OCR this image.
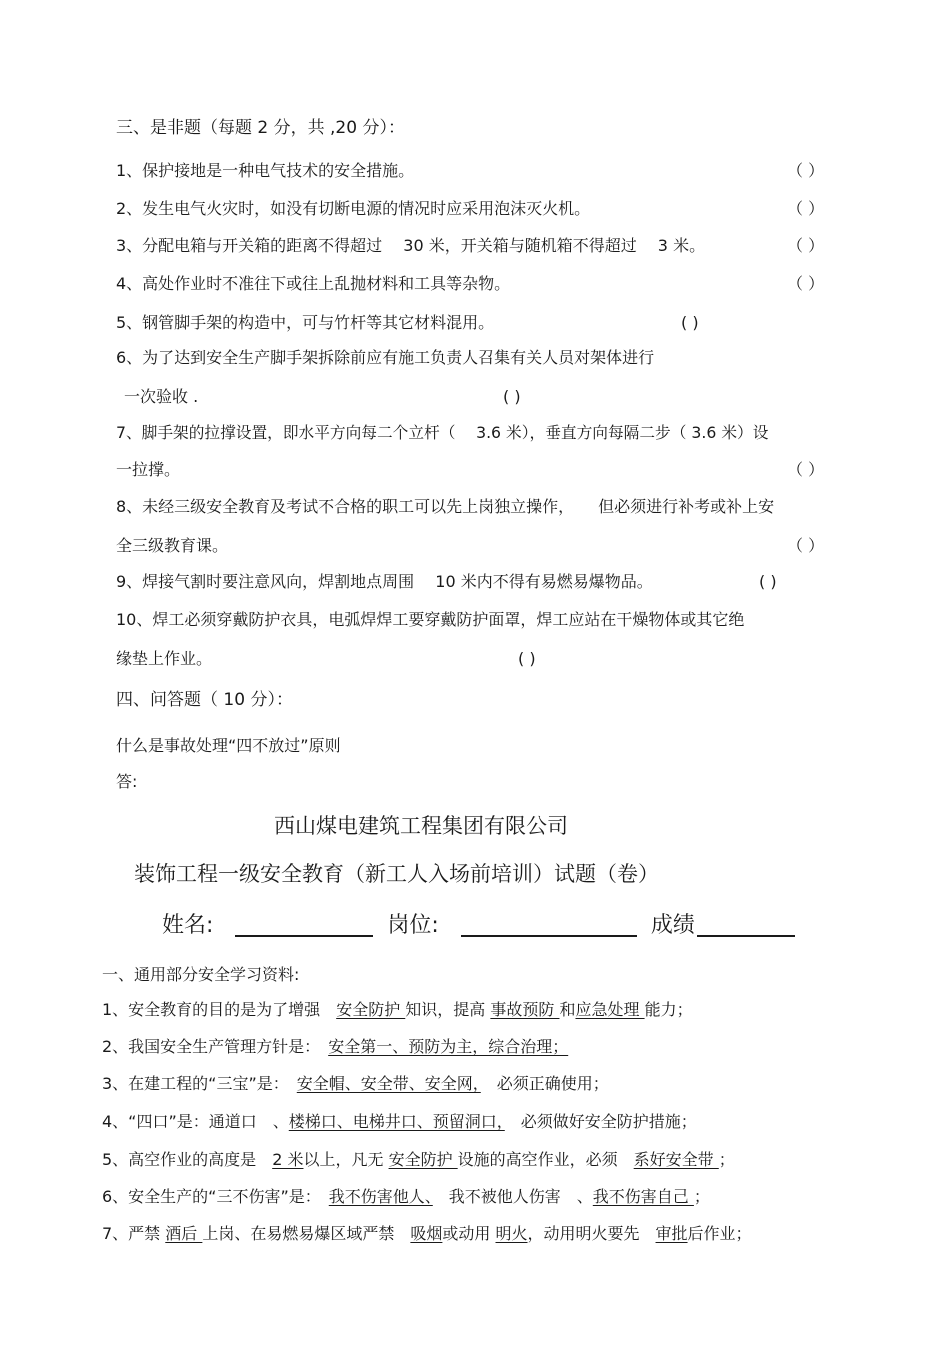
三、是非题（每题 2 分，共 ,20 分）：
1、保护接地是一种电气技术的安全措施。	（ ）
2、发生电气火灾时，如没有切断电源的情况时应采用泡沫灭火机。	（ ）
3、分配电箱与开关箱的距离不得超过　 30 米，开关箱与随机箱不得超过　 3 米。	（ ）
4、高处作业时不准往下或往上乱抛材料和工具等杂物。	（ ）
5、钢管脚手架的构造中，可与竹杆等其它材料混用。	( )
6、为了达到安全生产脚手架拆除前应有施工负责人召集有关人员对架体进行
一次验收 .	( )
7、脚手架的拉撑设置，即水平方向每二个立杆（　 3.6 米），垂直方向每隔二步（ 3.6 米）设
一拉撑。	（ ）
8、未经三级安全教育及考试不合格的职工可以先上岗独立操作，　　但必须进行补考或补上安
全三级教育课。	（ ）
9、焊接气割时要注意风向，焊割地点周围　 10 米内不得有易燃易爆物品。	( )
10、焊工必须穿戴防护衣具，电弧焊焊工要穿戴防护面罩，焊工应站在干燥物体或其它绝
缘垫上作业。	( )
四、问答题（ 10 分）：
什么是事故处理“四不放过”原则
答:
西山煤电建筑工程集团有限公司
装饰工程一级安全教育（新工人入场前培训）试题（卷）
姓名:	岗位:	成绩
一、通用部分安全学习资料:
1、安全教育的目的是为了增强　安全防护 知识，提高 事故预防 和应急处理 能力；
2、我国安全生产管理方针是：　安全第一、预防为主，综合治理；
3、在建工程的“三宝”是：　安全帽、安全带、安全网，　必须正确使用；
4、“四口”是：通道口　、楼梯口、电梯井口、预留洞口，　必须做好安全防护措施；
5、高空作业的高度是　2 米以上，凡无 安全防护 设施的高空作业，必须　系好安全带 ；
6、安全生产的“三不伤害”是：　我不伤害他人、　我不被他人伤害　、我不伤害自己 ；
7、严禁 酒后 上岗、在易燃易爆区域严禁　吸烟或动用 明火，动用明火要先　审批后作业；
